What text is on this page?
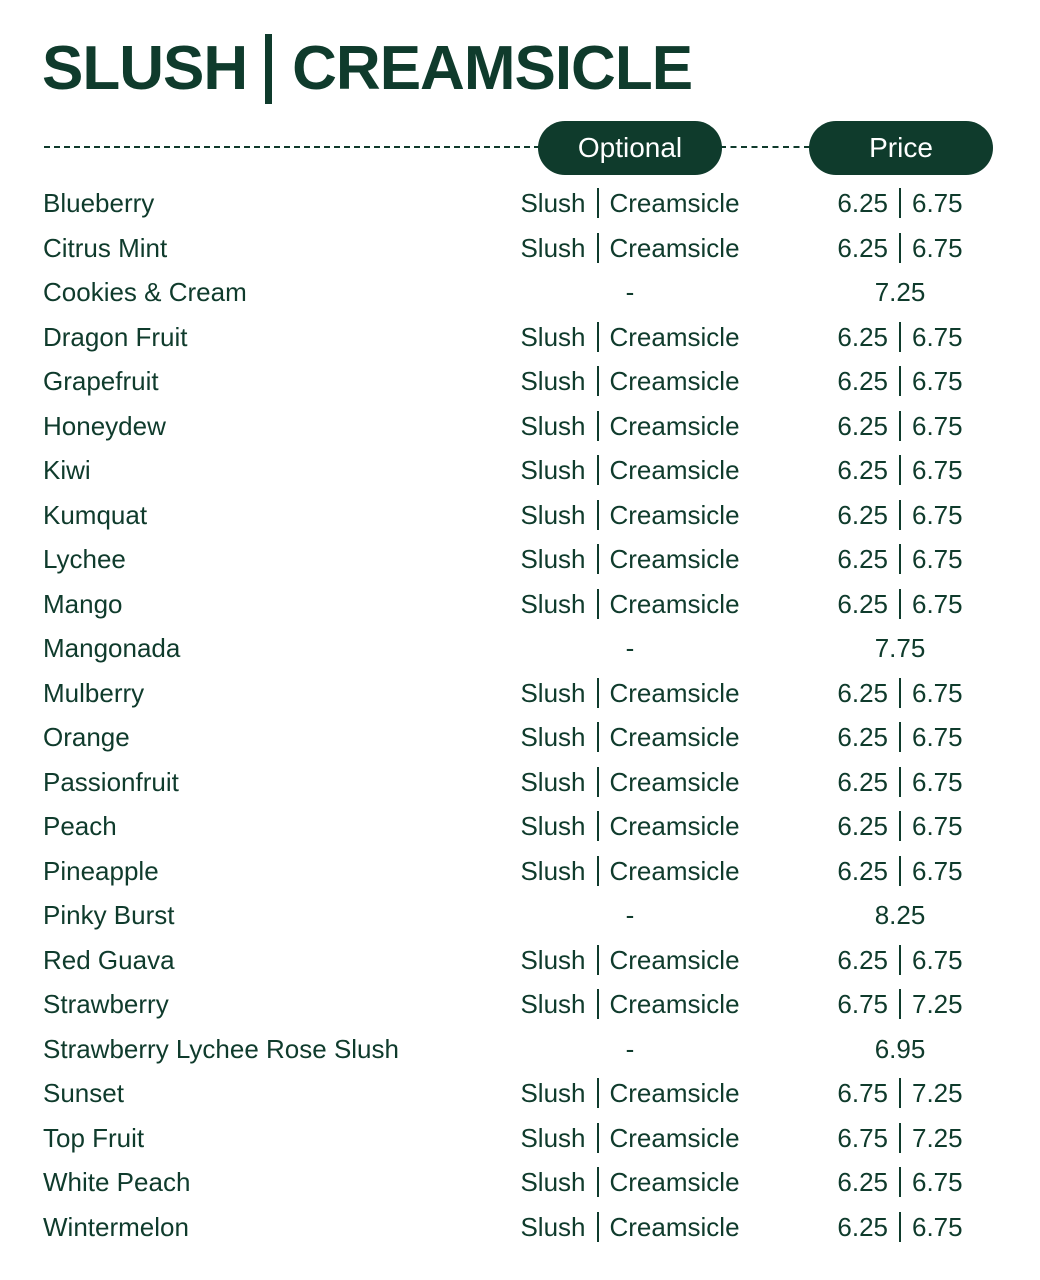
SLUSH CREAMSICLE
Optional	Price
Blueberry	Slush Creamsicle	6.25 6.75
Citrus Mint	Slush Creamsicle	6.25 6.75
Cookies & Cream	-	7.25
Dragon Fruit	Slush Creamsicle	6.25 6.75
Grapefruit	Slush Creamsicle	6.25 6.75
Honeydew	Slush Creamsicle	6.25 6.75
Kiwi	Slush Creamsicle	6.25 6.75
Kumquat	Slush Creamsicle	6.25 6.75
Lychee	Slush Creamsicle	6.25 6.75
Mango	Slush Creamsicle	6.25 6.75
Mangonada	-	7.75
Mulberry	Slush Creamsicle	6.25 6.75
Orange	Slush Creamsicle	6.25 6.75
Passionfruit	Slush Creamsicle	6.25 6.75
Peach	Slush Creamsicle	6.25 6.75
Pineapple	Slush Creamsicle	6.25 6.75
Pinky Burst	-	8.25
Red Guava	Slush Creamsicle	6.25 6.75
Strawberry	Slush Creamsicle	6.75 7.25
Strawberry Lychee Rose Slush	-	6.95
Sunset	Slush Creamsicle	6.75 7.25
Top Fruit	Slush Creamsicle	6.75 7.25
White Peach	Slush Creamsicle	6.25 6.75
Wintermelon	Slush Creamsicle	6.25 6.75
